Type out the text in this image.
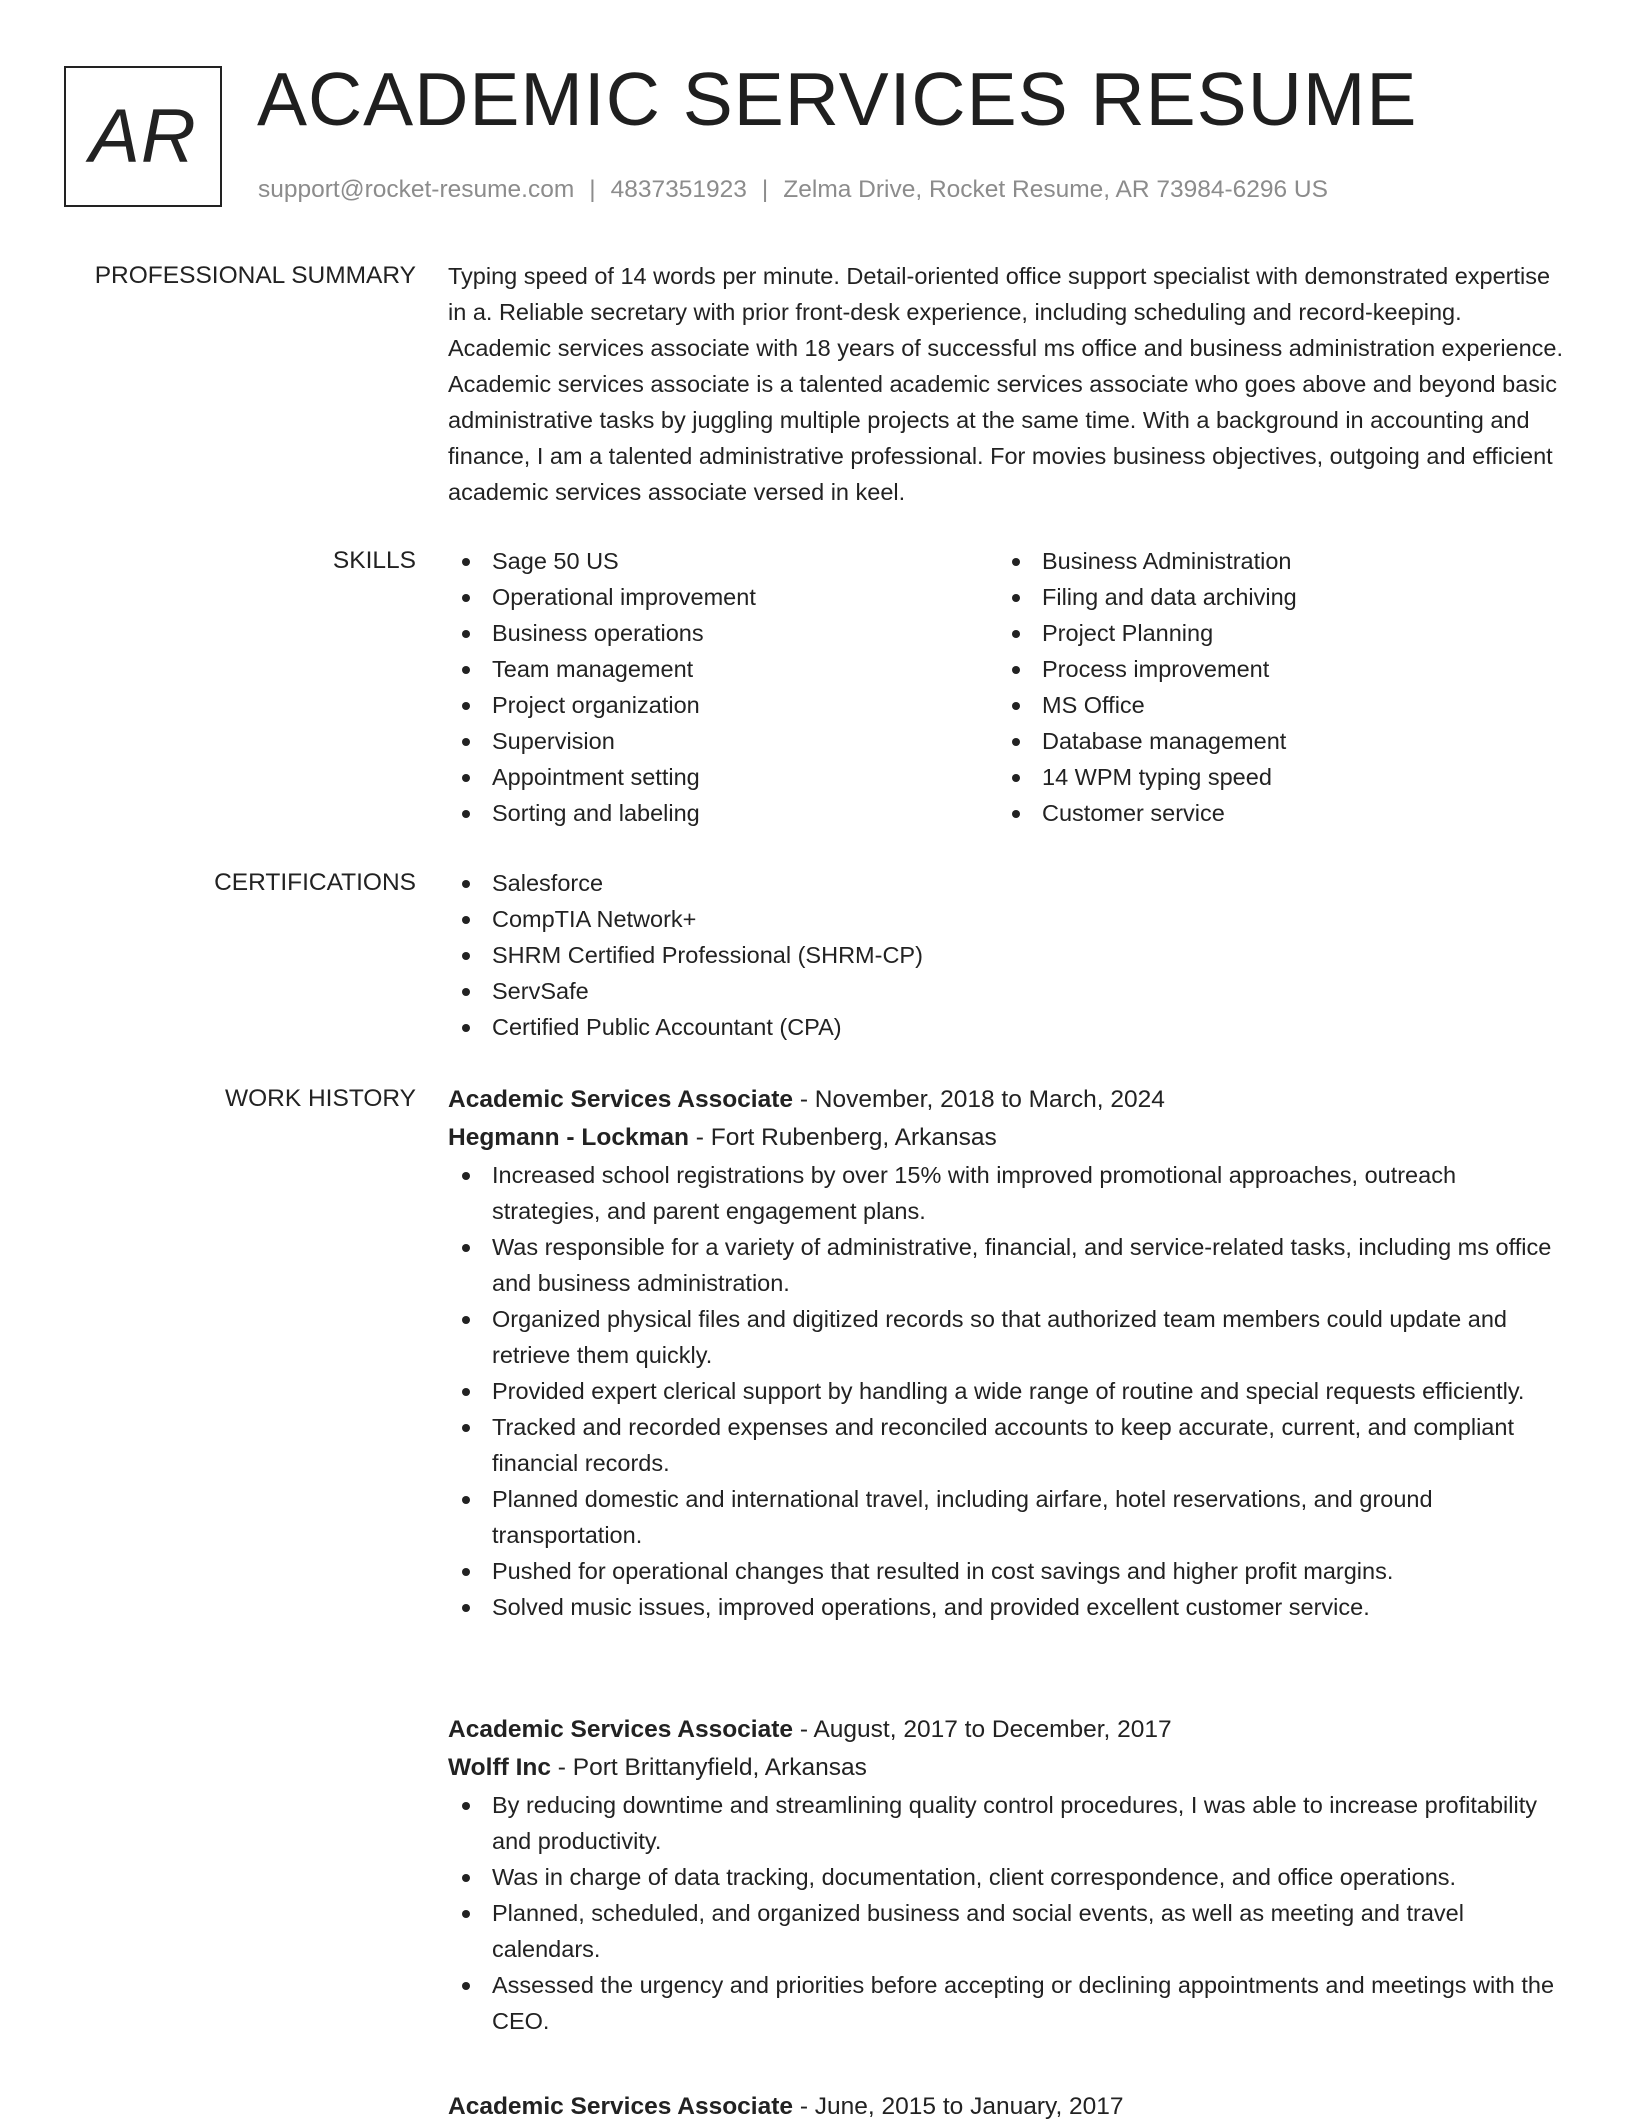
AR ACADEMIC SERVICES RESUME
support@rocket-resume.com | 4837351923 | Zelma Drive, Rocket Resume, AR 73984-6296 US
PROFESSIONAL SUMMARY Typing speed of 14 words per minute. Detail-oriented office support specialist with demonstrated expertise in a. Reliable secretary with prior front-desk experience, including scheduling and record-keeping. Academic services associate with 18 years of successful ms office and business administration experience. Academic services associate is a talented academic services associate who goes above and beyond basic administrative tasks by juggling multiple projects at the same time. With a background in accounting and finance, I am a talented administrative professional. For movies business objectives, outgoing and efficient academic services associate versed in keel.

SKILLS	Sage 50 US
Operational improvement
Business operations
Team management
Project organization
Supervision
Appointment setting
Sorting and labeling
Business Administration
Filing and data archiving
Project Planning
Process improvement
MS Office
Database management
14 WPM typing speed
Customer service
CERTIFICATIONS	Salesforce
CompTIA Network+
SHRM Certified Professional (SHRM-CP)
ServSafe
Certified Public Accountant (CPA)
WORK HISTORY Academic Services Associate - November, 2018 to March, 2024
Hegmann - Lockman - Fort Rubenberg, Arkansas
Increased school registrations by over 15% with improved promotional approaches, outreach strategies, and parent engagement plans.
Was responsible for a variety of administrative, financial, and service-related tasks, including ms office and business administration.
Organized physical files and digitized records so that authorized team members could update and retrieve them quickly.
Provided expert clerical support by handling a wide range of routine and special requests efficiently.
Tracked and recorded expenses and reconciled accounts to keep accurate, current, and compliant financial records.
Planned domestic and international travel, including airfare, hotel reservations, and ground transportation.
Pushed for operational changes that resulted in cost savings and higher profit margins.
Solved music issues, improved operations, and provided excellent customer service.
Academic Services Associate - August, 2017 to December, 2017
Wolff Inc - Port Brittanyfield, Arkansas
By reducing downtime and streamlining quality control procedures, I was able to increase profitability and productivity.
Was in charge of data tracking, documentation, client correspondence, and office operations.
Planned, scheduled, and organized business and social events, as well as meeting and travel calendars.
Assessed the urgency and priorities before accepting or declining appointments and meetings with the CEO.
Academic Services Associate - June, 2015 to January, 2017
